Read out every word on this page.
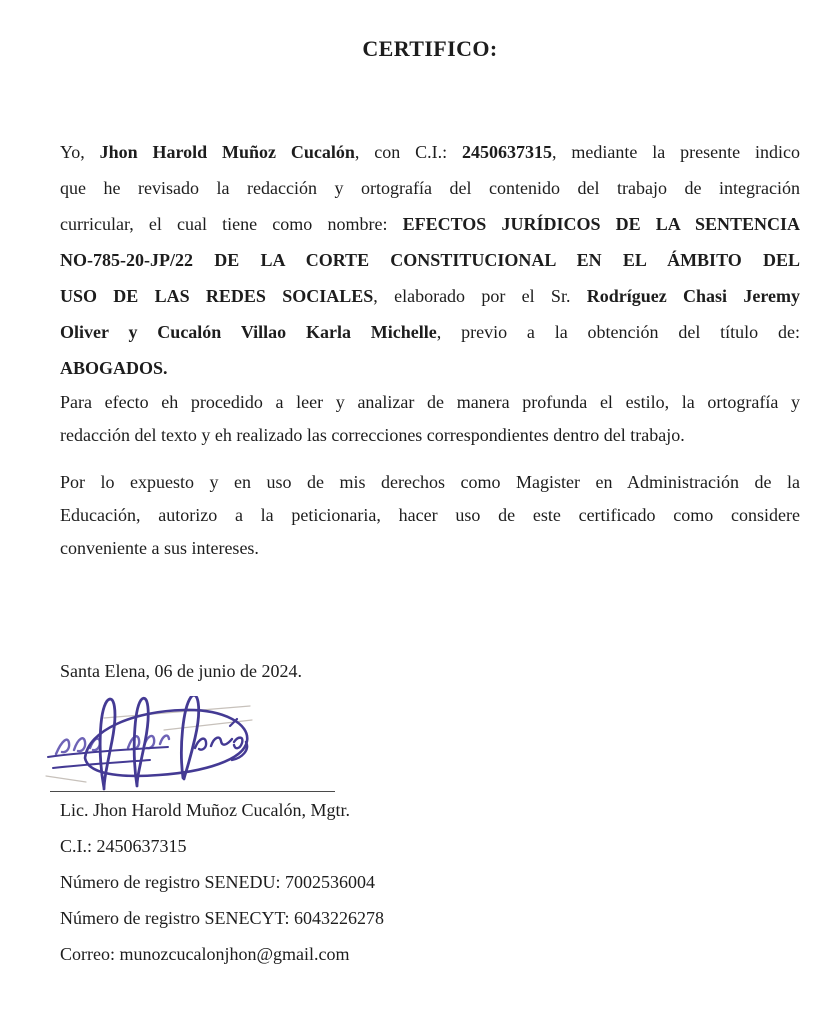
CERTIFICO:
Yo, Jhon Harold Muñoz Cucalón, con C.I.: 2450637315, mediante la presente indico
que he revisado la redacción y ortografía del contenido del trabajo de integración
curricular, el cual tiene como nombre: EFECTOS JURÍDICOS DE LA SENTENCIA
NO-785-20-JP/22 DE LA CORTE CONSTITUCIONAL EN EL ÁMBITO DEL
USO DE LAS REDES SOCIALES, elaborado por el Sr. Rodríguez Chasi Jeremy
Oliver y Cucalón Villao Karla Michelle, previo a la obtención del título de:
ABOGADOS.
Para efecto eh procedido a leer y analizar de manera profunda el estilo, la ortografía y
redacción del texto y eh realizado las correcciones correspondientes dentro del trabajo.
Por lo expuesto y en uso de mis derechos como Magister en Administración de la
Educación, autorizo a la peticionaria, hacer uso de este certificado como considere
conveniente a sus intereses.
Santa Elena, 06 de junio de 2024.
Lic. Jhon Harold Muñoz Cucalón, Mgtr.
C.I.: 2450637315
Número de registro SENEDU: 7002536004
Número de registro SENECYT: 6043226278
Correo: munozcucalonjhon@gmail.com
